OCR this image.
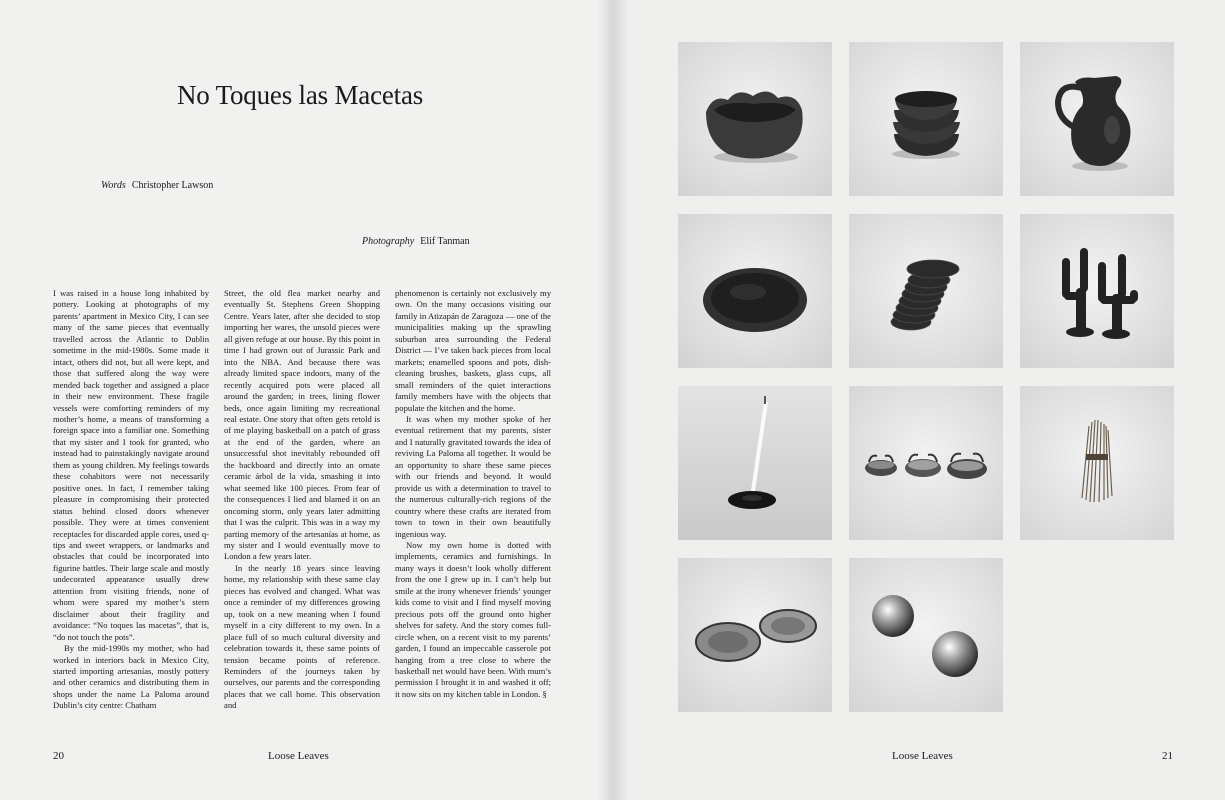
No Toques las Macetas
Words Christopher Lawson
Photography Elif Tanman

I was raised in a house long inhabited by pottery. Looking at photographs of my parents’ apartment in Mexico City, I can see many of the same pieces that eventually travelled across the Atlantic to Dublin sometime in the mid-1980s. Some made it intact, others did not, but all were kept, and those that suffered along the way were mended back together and assigned a place in their new environment. These fragile vessels were comforting reminders of my mother’s home, a means of transforming a foreign space into a familiar one. Something that my sister and I took for granted, who instead had to painstakingly navigate around them as young children. My feelings towards these cohabitors were not necessarily positive ones. In fact, I remember taking pleasure in compromising their protected status behind closed doors whenever possible. They were at times convenient receptacles for discarded apple cores, used q-tips and sweet wrappers, or landmarks and obstacles that could be incorporated into figurine battles. Their large scale and mostly undecorated appearance usually drew attention from visiting friends, none of whom were spared my mother’s stern disclaimer about their fragility and avoidance: “No toques las macetas”, that is, “do not touch the pots”.

By the mid-1990s my mother, who had worked in interiors back in Mexico City, started importing artesanías, mostly pottery and other ceramics and distributing them in shops under the name La Paloma around Dublin’s city centre: Chatham

Street, the old flea market nearby and eventually St. Stephens Green Shopping Centre. Years later, after she decided to stop importing her wares, the unsold pieces were all given refuge at our house. By this point in time I had grown out of Jurassic Park and into the NBA. And because there was already limited space indoors, many of the recently acquired pots were placed all around the garden; in trees, lining flower beds, once again limiting my recreational real estate. One story that often gets retold is of me playing basketball on a patch of grass at the end of the garden, where an unsuccessful shot inevitably rebounded off the backboard and directly into an ornate ceramic árbol de la vida, smashing it into what seemed like 100 pieces. From fear of the consequences I lied and blamed it on an oncoming storm, only years later admitting that I was the culprit. This was in a way my parting memory of the artesanías at home, as my sister and I would eventually move to London a few years later.

In the nearly 18 years since leaving home, my relationship with these same clay pieces has evolved and changed. What was once a reminder of my differences growing up, took on a new meaning when I found myself in a city different to my own. In a place full of so much cultural diversity and celebration towards it, these same points of tension became points of reference. Reminders of the journeys taken by ourselves, our parents and the corresponding places that we call home. This observation and

phenomenon is certainly not exclusively my own. On the many occasions visiting our family in Atizapán de Zaragoza — one of the municipalities making up the sprawling suburban area surrounding the Federal District — I’ve taken back pieces from local markets; enamelled spoons and pots, dish-cleaning brushes, baskets, glass cups, all small reminders of the quiet interactions family members have with the objects that populate the kitchen and the home.

It was when my mother spoke of her eventual retirement that my parents, sister and I naturally gravitated towards the idea of reviving La Paloma all together. It would be an opportunity to share these same pieces with our friends and beyond. It would provide us with a determination to travel to the numerous culturally-rich regions of the country where these crafts are iterated from town to town in their own beautifully ingenious way.

Now my own home is dotted with implements, ceramics and furnishings. In many ways it doesn’t look wholly different from the one I grew up in. I can’t help but smile at the irony whenever friends’ younger kids come to visit and I find myself moving precious pots off the ground onto higher shelves for safety. And the story comes full-circle when, on a recent visit to my parents’ garden, I found an impeccable casserole pot hanging from a tree close to where the basketball net would have been. With mum’s permission I brought it in and washed it off; it now sits on my kitchen table in London. §

20	Loose Leaves	Loose Leaves	21
